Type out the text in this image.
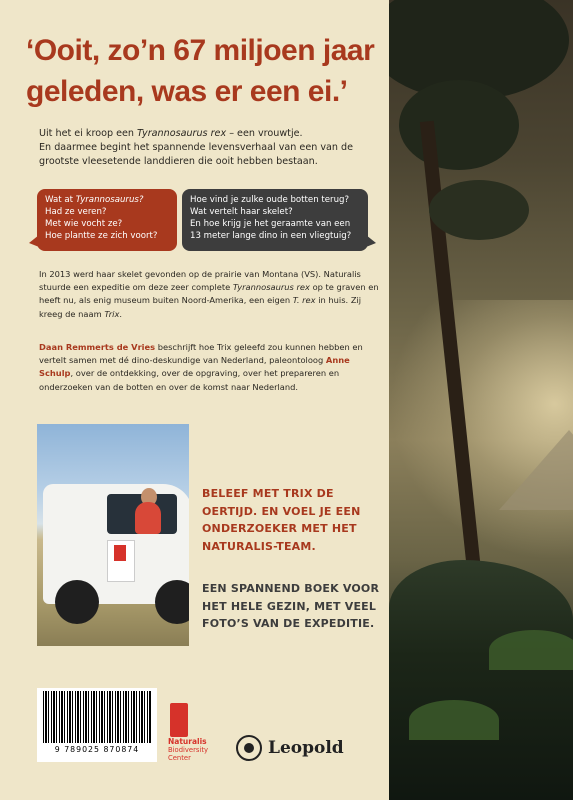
‘Ooit, zo’n 67 miljoen jaar geleden, was er een ei.’

Uit het ei kroop een Tyrannosaurus rex – een vrouwtje.
En daarmee begint het spannende levensverhaal van een van de grootste vleesetende landdieren die ooit hebben bestaan.

Wat at Tyrannosaurus?

Had ze veren?

Met wie vocht ze?

Hoe plantte ze zich voort?

Hoe vind je zulke oude botten terug?

Wat vertelt haar skelet?

En hoe krijg je het geraamte van een 13 meter lange dino in een vliegtuig?

In 2013 werd haar skelet gevonden op de prairie van Montana (VS). Naturalis stuurde een expeditie om deze zeer complete Tyrannosaurus rex op te graven en heeft nu, als enig museum buiten Noord-Amerika, een eigen T. rex in huis. Zij kreeg de naam Trix.

Daan Remmerts de Vries beschrijft hoe Trix geleefd zou kunnen hebben en vertelt samen met dé dino-deskundige van Nederland, paleontoloog Anne Schulp, over de ontdekking, over de opgraving, over het prepareren en onderzoeken van de botten en over de komst naar Nederland.

BELEEF MET TRIX DE OERTIJD. EN VOEL JE EEN ONDERZOEKER MET HET NATURALIS-TEAM.

EEN SPANNEND BOEK VOOR HET HELE GEZIN, MET VEEL FOTO’S VAN DE EXPEDITIE.

9 789025 870874
Naturalis
Biodiversity
Center	Leopold
